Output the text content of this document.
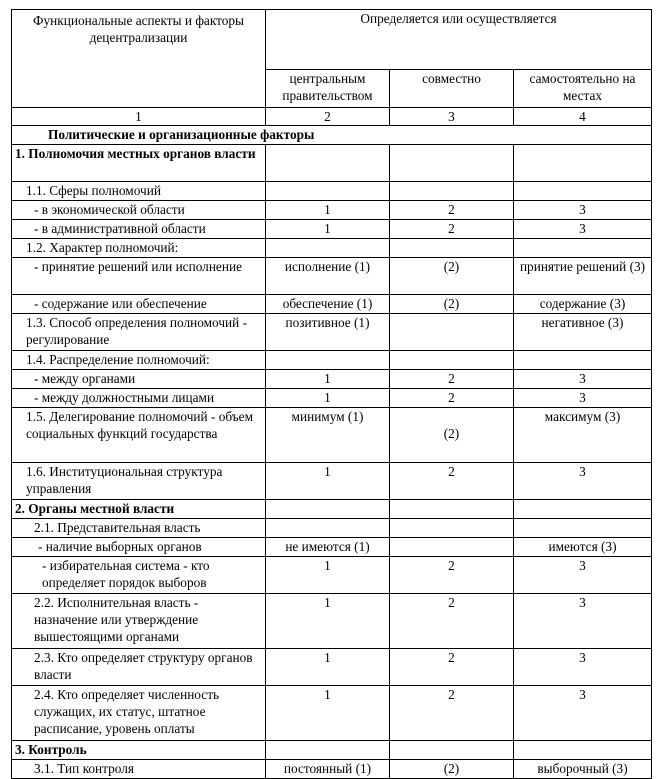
Функциональные аспекты и факторы децентрализации	Определяется или осуществляется		
	центральным правительством	совместно	самостоятельно на местах
1	2	3	4
Политические и организационные факторы			
1. Полномочия местных органов власти			
1.1. Сферы полномочий			
- в экономической области	1	2	3
- в административной области	1	2	3
1.2. Характер полномочий:			
- принятие решений или исполнение	исполнение (1)	(2)	принятие решений (3)
- содержание или обеспечение	обеспечение (1)	(2)	содержание (3)
1.3. Способ определения полномочий - регулирование	позитивное (1)		негативное (3)
1.4. Распределение полномочий:			
- между органами	1	2	3
- между должностными лицами	1	2	3
1.5. Делегирование полномочий - объем социальных функций государства	минимум (1)	(2)	максимум (3)
1.6. Институциональная структура управления	1	2	3
2. Органы местной власти			
2.1. Представительная власть			
- наличие выборных органов	не имеются (1)		имеются (3)
- избирательная система - кто определяет порядок выборов	1	2	3
2.2. Исполнительная власть - назначение или утверждение вышестоящими органами	1	2	3
2.3. Кто определяет структуру органов власти	1	2	3
2.4. Кто определяет численность служащих, их статус, штатное расписание, уровень оплаты	1	2	3
3. Контроль			
3.1. Тип контроля	постоянный (1)	(2)	выборочный (3)
